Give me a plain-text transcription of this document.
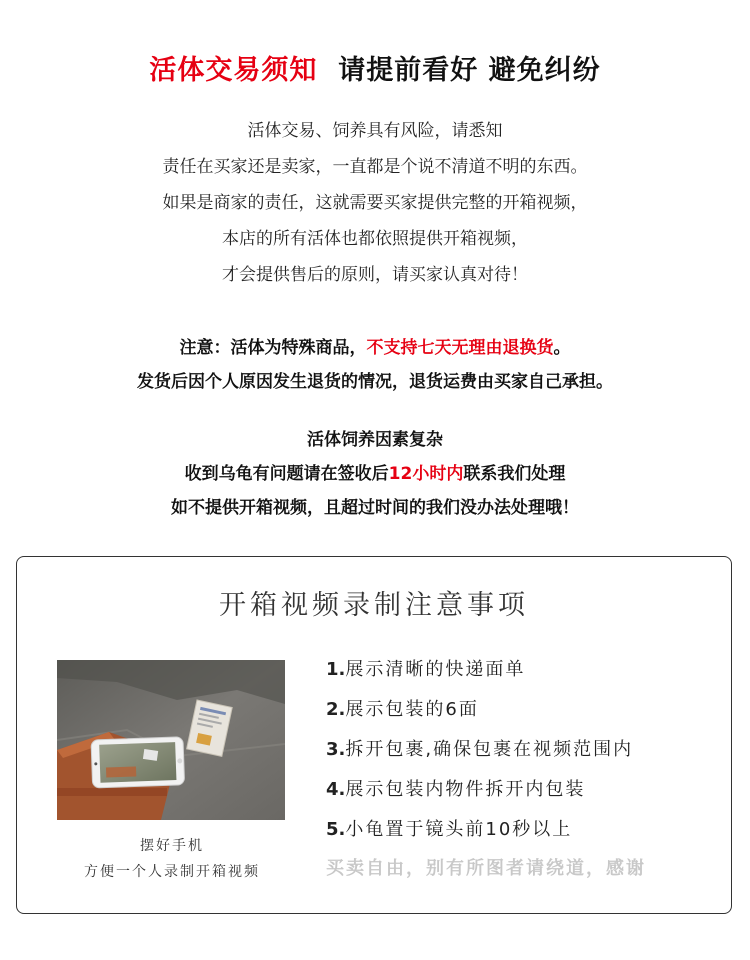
活体交易须知 请提前看好 避免纠纷
活体交易、饲养具有风险，请悉知
责任在买家还是卖家，一直都是个说不清道不明的东西。
如果是商家的责任，这就需要买家提供完整的开箱视频，
本店的所有活体也都依照提供开箱视频，
才会提供售后的原则，请买家认真对待！
注意：活体为特殊商品，不支持七天无理由退换货。
发货后因个人原因发生退货的情况，退货运费由买家自己承担。
活体饲养因素复杂
收到乌龟有问题请在签收后12小时内联系我们处理
如不提供开箱视频，且超过时间的我们没办法处理哦！
开箱视频录制注意事项
摆好手机
方便一个人录制开箱视频
1.展示清晰的快递面单
2.展示包装的6面
3.拆开包裹,确保包裹在视频范围内
4.展示包装内物件拆开内包装
5.小龟置于镜头前10秒以上
买卖自由，别有所图者请绕道，感谢
